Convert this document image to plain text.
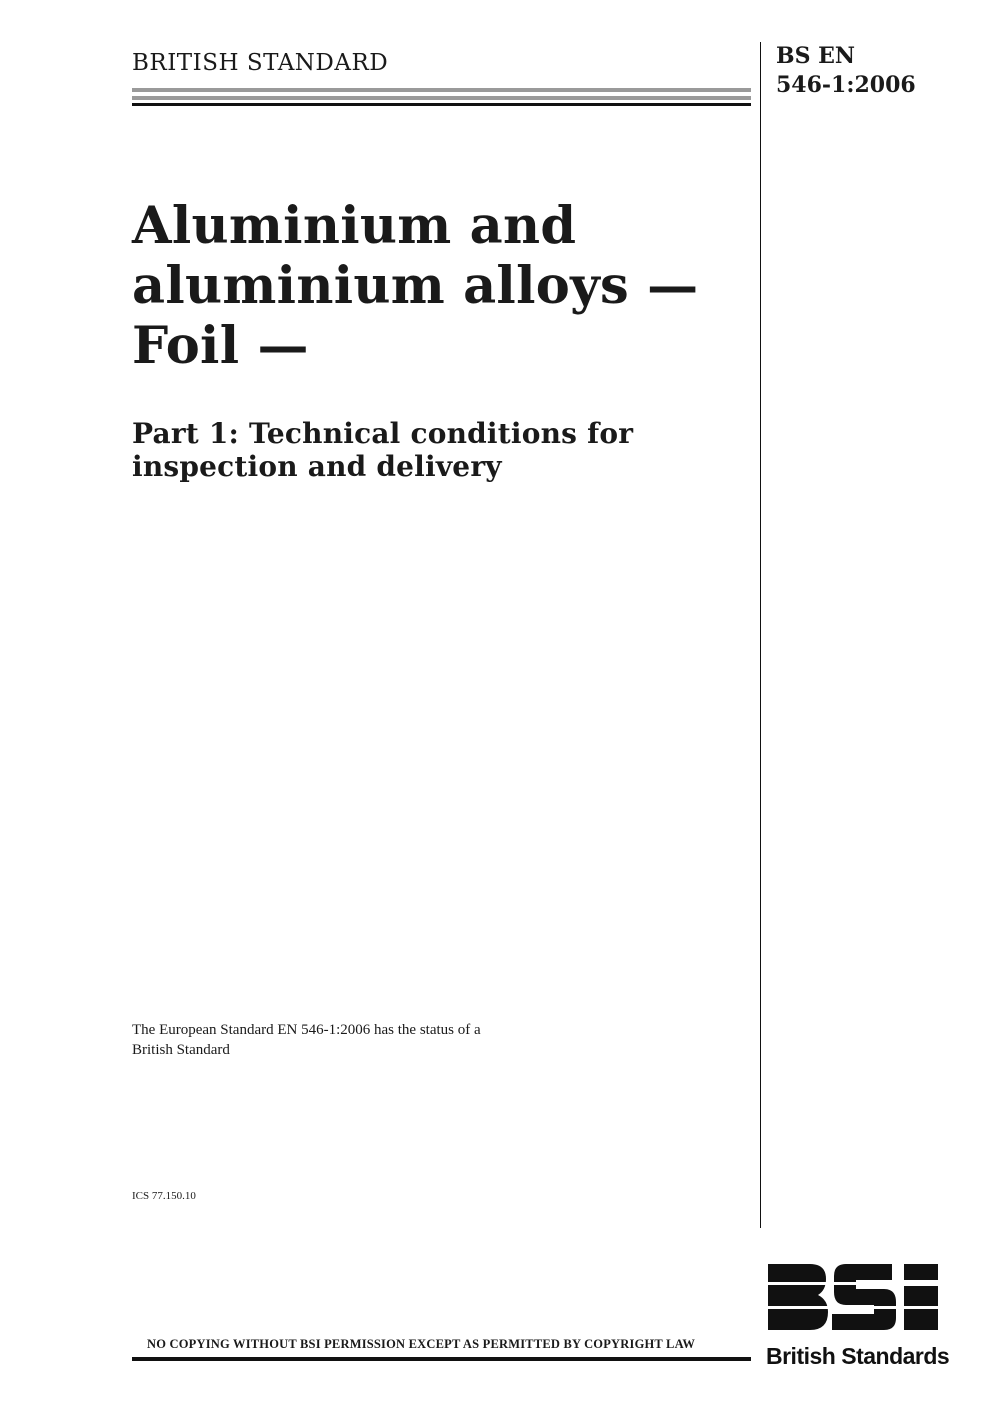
BRITISH STANDARD	BS EN
546-1:2006
Aluminium and
aluminium alloys —
Foil —
Part 1: Technical conditions for
inspection and delivery
The European Standard EN 546-1:2006 has the status of a
British Standard
ICS 77.150.10
NO COPYING WITHOUT BSI PERMISSION EXCEPT AS PERMITTED BY COPYRIGHT LAW	British Standards
